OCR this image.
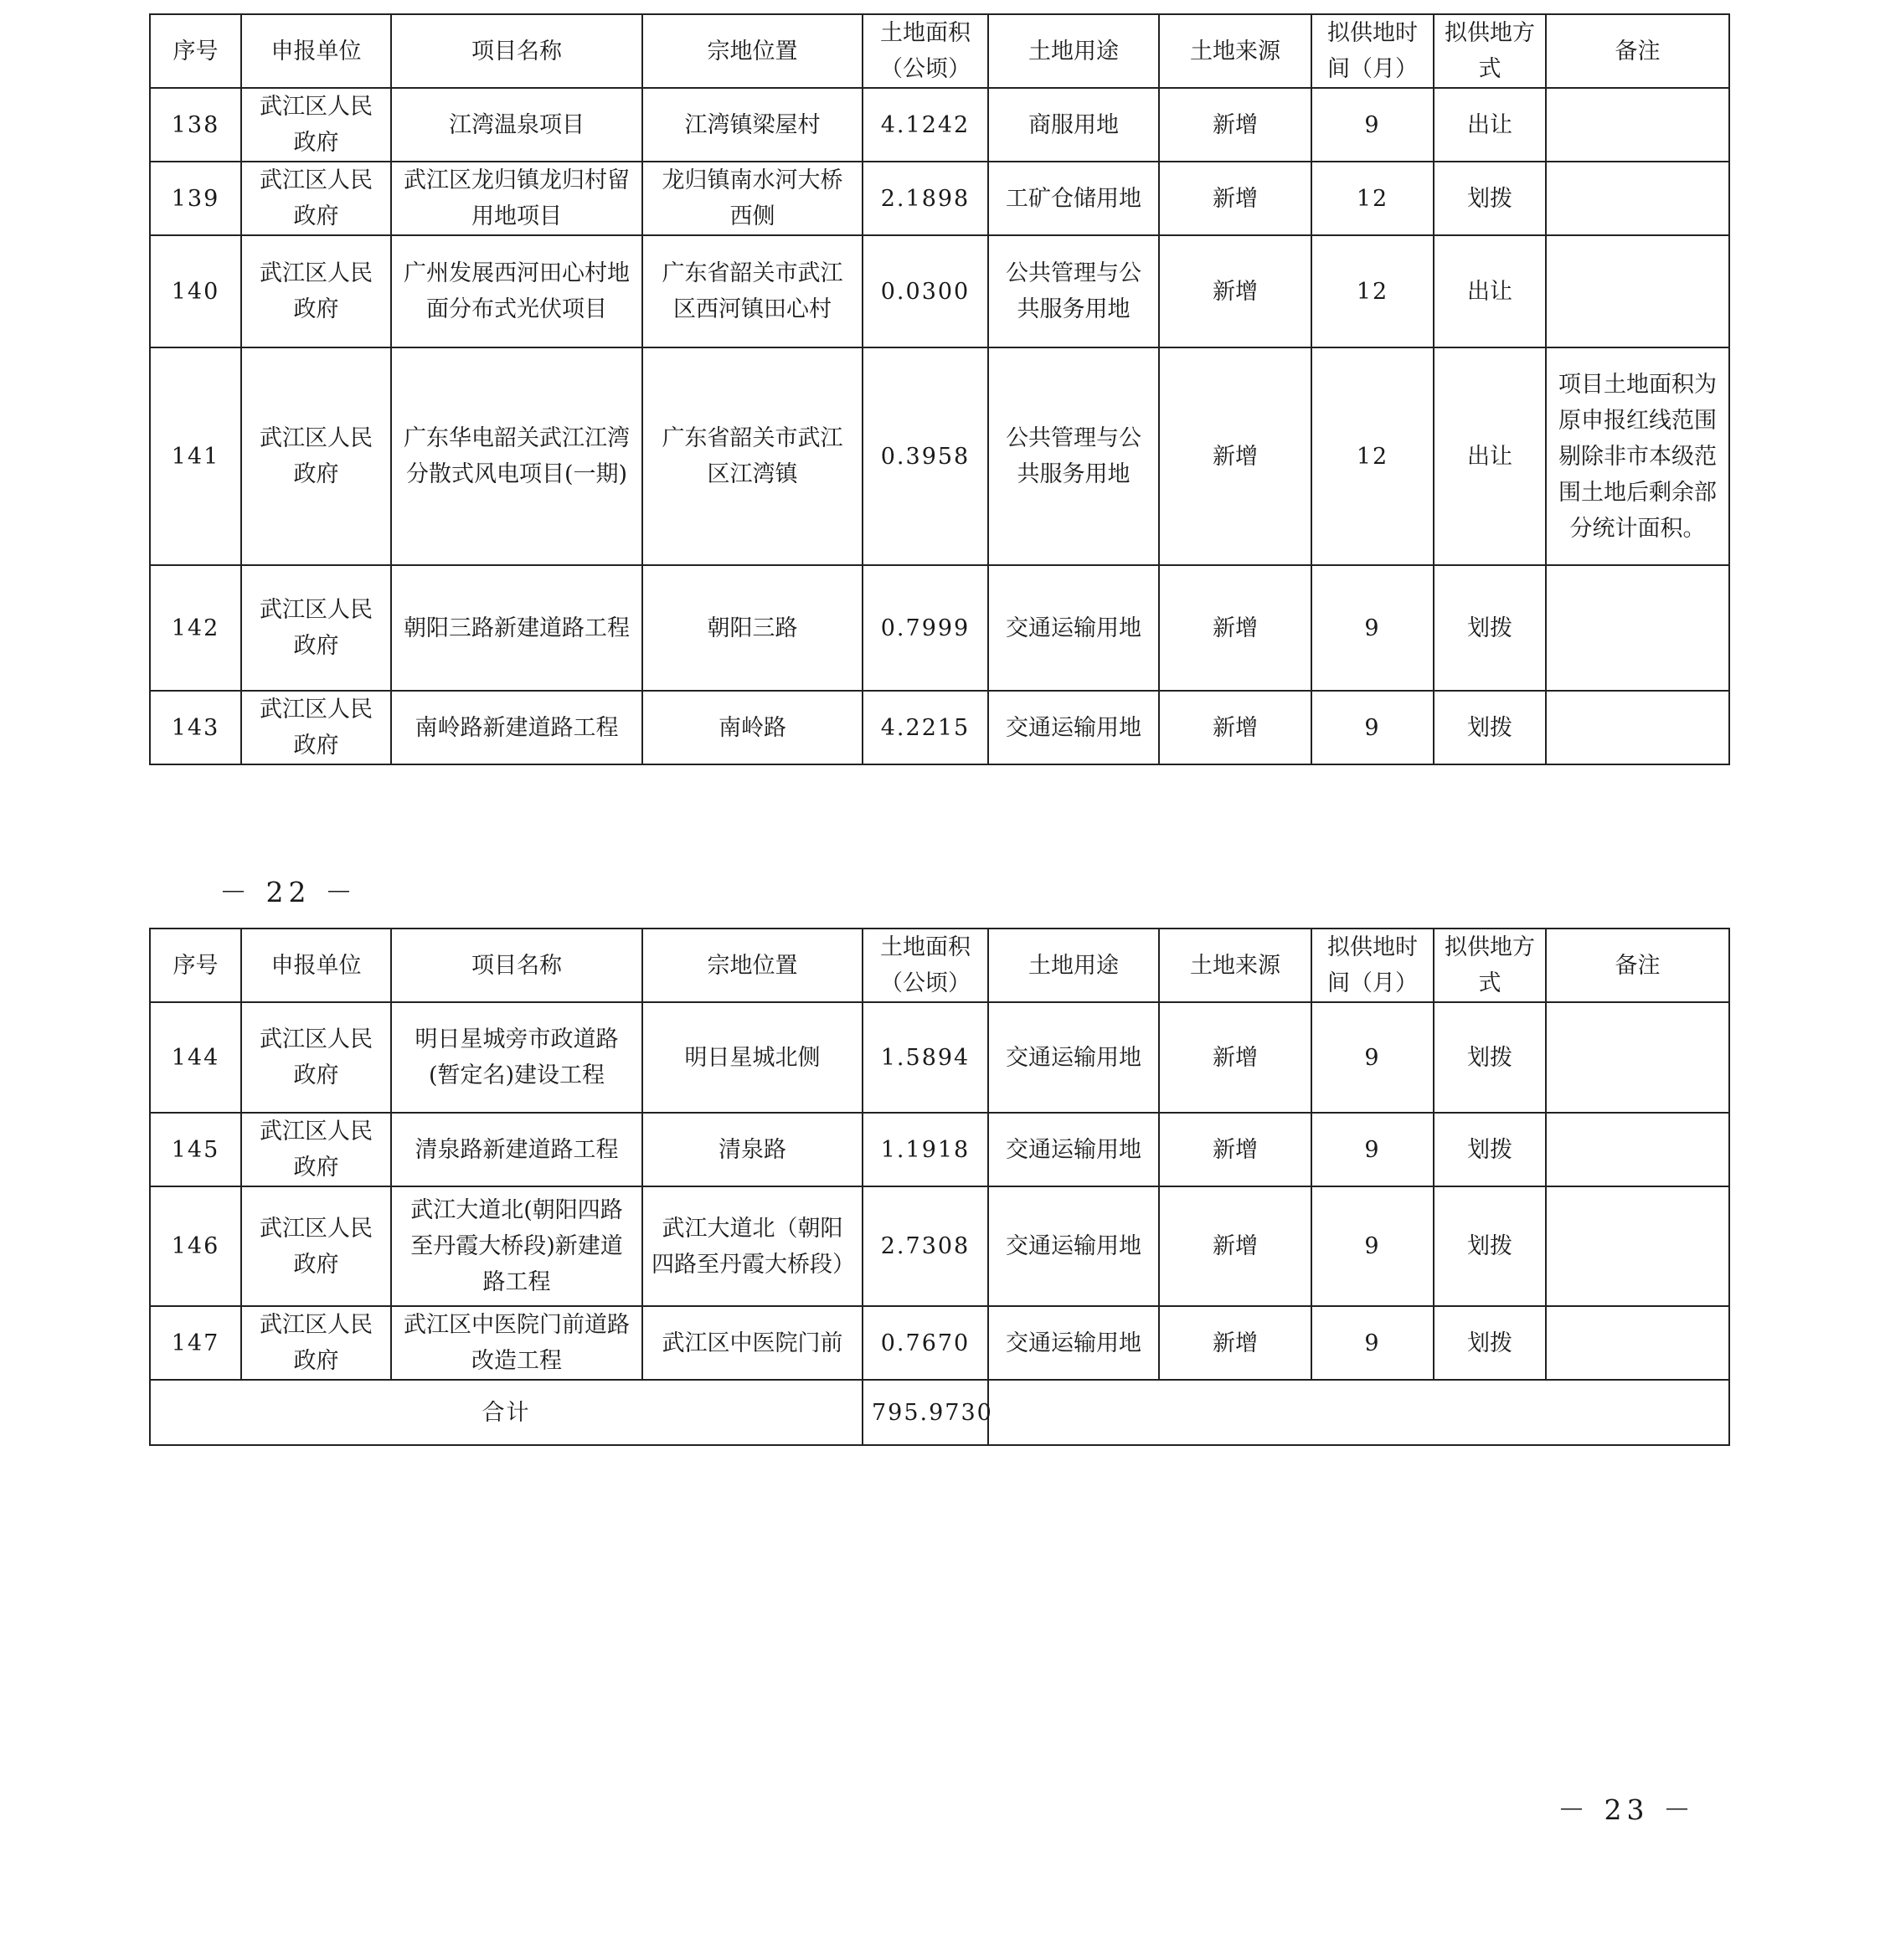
序号	申报单位	项目名称	宗地位置	土地面积（公顷）	土地用途	土地来源	拟供地时间（月）	拟供地方式	备注
138	武江区人民政府	江湾温泉项目	江湾镇梁屋村	4.1242	商服用地	新增	9	出让	
139	武江区人民政府	武江区龙归镇龙归村留用地项目	龙归镇南水河大桥西侧	2.1898	工矿仓储用地	新增	12	划拨	
140	武江区人民政府	广州发展西河田心村地面分布式光伏项目	广东省韶关市武江区西河镇田心村	0.0300	公共管理与公共服务用地	新增	12	出让	
141	武江区人民政府	广东华电韶关武江江湾分散式风电项目(一期)	广东省韶关市武江区江湾镇	0.3958	公共管理与公共服务用地	新增	12	出让	项目土地面积为原申报红线范围剔除非市本级范围土地后剩余部分统计面积。
142	武江区人民政府	朝阳三路新建道路工程	朝阳三路	0.7999	交通运输用地	新增	9	划拨	
143	武江区人民政府	南岭路新建道路工程	南岭路	4.2215	交通运输用地	新增	9	划拨	
－ 22 －
序号	申报单位	项目名称	宗地位置	土地面积（公顷）	土地用途	土地来源	拟供地时间（月）	拟供地方式	备注
144	武江区人民政府	明日星城旁市政道路(暂定名)建设工程	明日星城北侧	1.5894	交通运输用地	新增	9	划拨	
145	武江区人民政府	清泉路新建道路工程	清泉路	1.1918	交通运输用地	新增	9	划拨	
146	武江区人民政府	武江大道北(朝阳四路至丹霞大桥段)新建道路工程	武江大道北（朝阳四路至丹霞大桥段）	2.7308	交通运输用地	新增	9	划拨	
147	武江区人民政府	武江区中医院门前道路改造工程	武江区中医院门前	0.7670	交通运输用地	新增	9	划拨	
合计				795.9730					
－ 23 －
